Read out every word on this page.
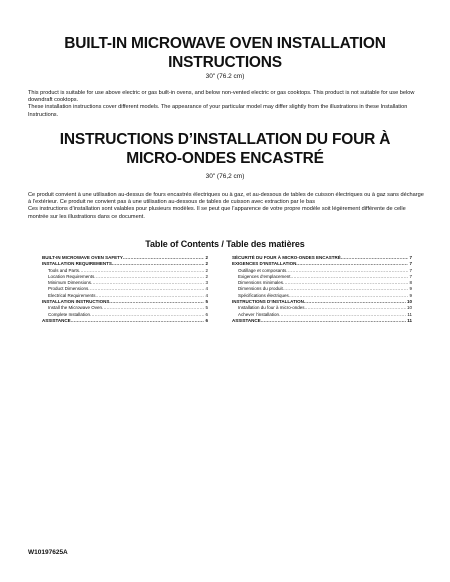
BUILT-IN MICROWAVE OVEN INSTALLATION
INSTRUCTIONS
30" (76.2 cm)

This product is suitable for use above electric or gas built-in ovens, and below non-vented electric or gas cooktops. This product is not suitable for use below downdraft cooktops.

These installation instructions cover different models. The appearance of your particular model may differ slightly from the illustrations in these Installation Instructions.

INSTRUCTIONS D’INSTALLATION DU FOUR À
MICRO-ONDES ENCASTRÉ
30" (76,2 cm)

Ce produit convient à une utilisation au-dessus de fours encastrés électriques ou à gaz, et au-dessous de tables de cuisson électriques ou à gaz sans décharge à l’extérieur. Ce produit ne convient pas à une utilisation au-dessous de tables de cuisson avec extraction par le bas

Ces instructions d’installation sont valables pour plusieurs modèles. Il se peut que l’apparence de votre propre modèle soit légèrement différente de celle montrée sur les illustrations dans ce document.

Table of Contents / Table des matières
BUILT-IN MICROWAVE OVEN SAFETY .....	2
INSTALLATION REQUIREMENTS .....	2
Tools and Parts .....	2
Location Requirements .....	2
Minimum Dimensions .....	3
Product Dimensions .....	4
Electrical Requirements .....	4
INSTALLATION INSTRUCTIONS .....	5
Install the Microwave Oven .....	5
Complete Installation .....	6
ASSISTANCE .....	6
SÉCURITÉ DU FOUR À MICRO-ONDES ENCASTRÉ .....	7
EXIGENCES D’INSTALLATION .....	7
Outillage et composants .....	7
Exigences d’emplacement .....	7
Dimensions minimales .....	8
Dimensions du produit .....	9
Spécifications électriques .....	9
INSTRUCTIONS D’INSTALLATION .....	10
Installation du four à micro-ondes .....	10
Achever l’installation .....	11
ASSISTANCE .....	11
W10197625A
